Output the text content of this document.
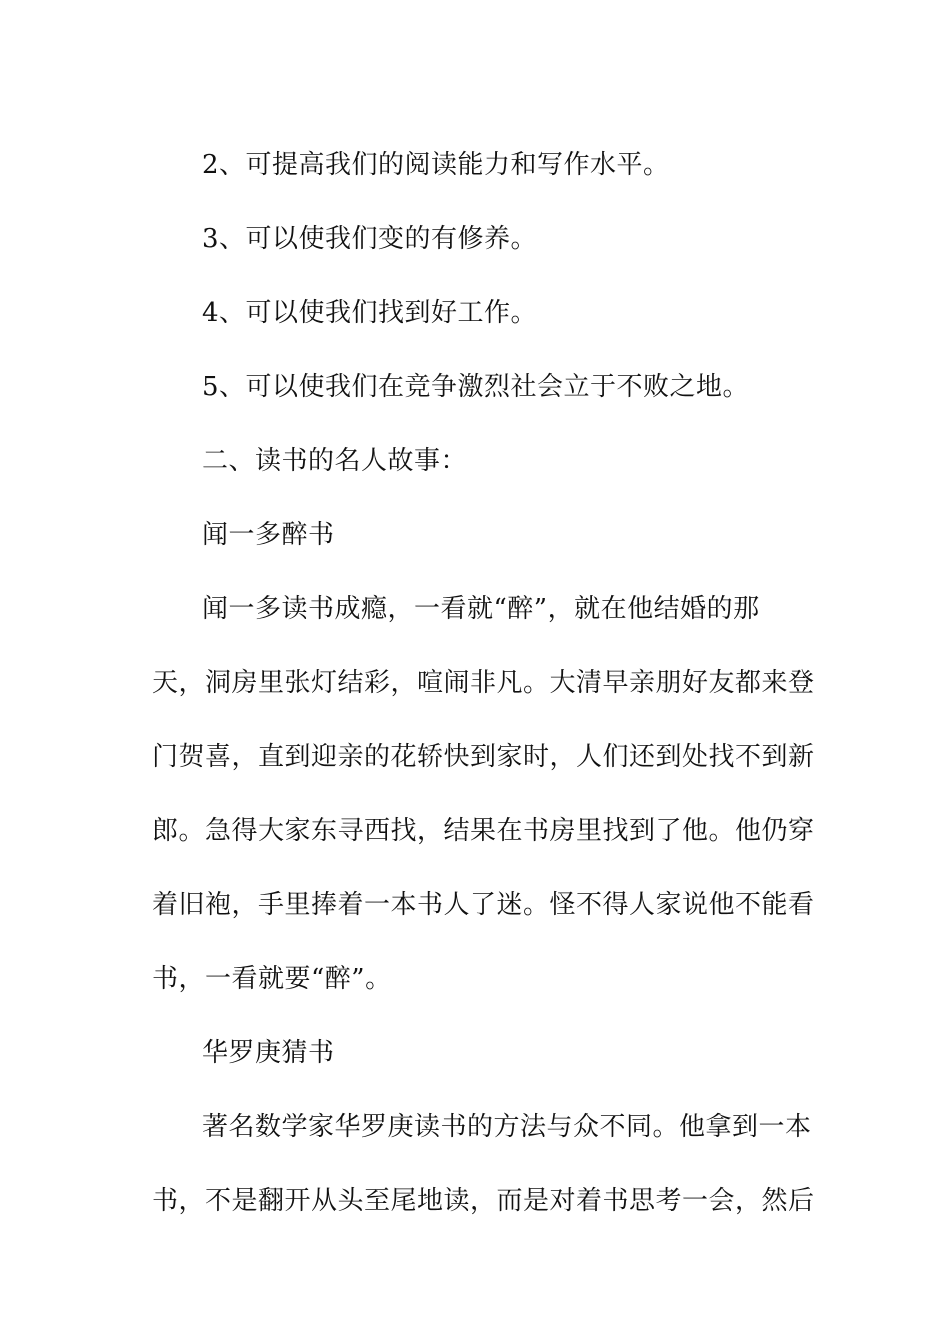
2、可提高我们的阅读能力和写作水平。
3、可以使我们变的有修养。
4、可以使我们找到好工作。
5、可以使我们在竞争激烈社会立于不败之地。
二、读书的名人故事：
闻一多醉书
闻一多读书成瘾，一看就“醉”，就在他结婚的那
天，洞房里张灯结彩，喧闹非凡。大清早亲朋好友都来登
门贺喜，直到迎亲的花轿快到家时，人们还到处找不到新
郎。急得大家东寻西找，结果在书房里找到了他。他仍穿
着旧袍，手里捧着一本书人了迷。怪不得人家说他不能看
书，一看就要“醉”。
华罗庚猜书
著名数学家华罗庚读书的方法与众不同。他拿到一本
书，不是翻开从头至尾地读，而是对着书思考一会，然后
